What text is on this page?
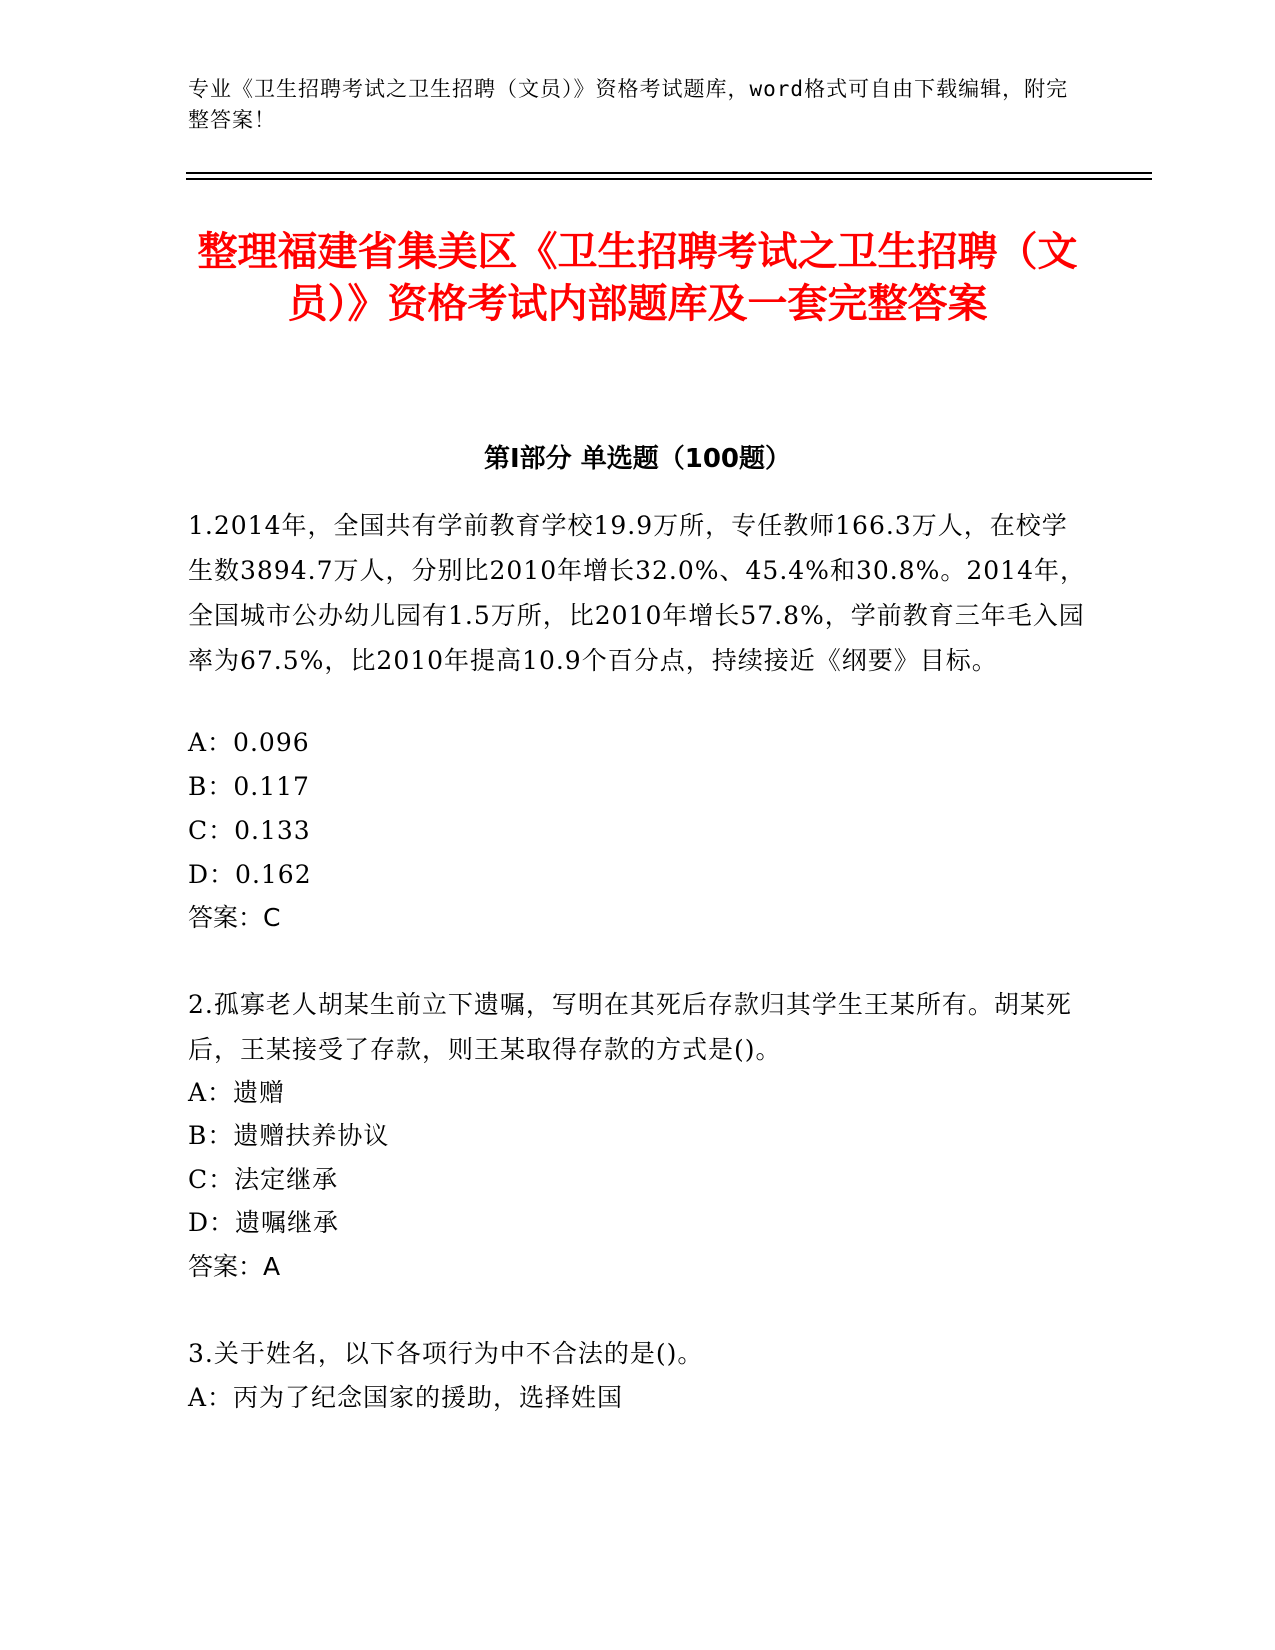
专业《卫生招聘考试之卫生招聘（文员）》资格考试题库，word格式可自由下载编辑，附完整答案！
整理福建省集美区《卫生招聘考试之卫生招聘（文员）》资格考试内部题库及一套完整答案
第Ⅰ部分 单选题（100题）
1.2014年，全国共有学前教育学校19.9万所，专任教师166.3万人，在校学生数3894.7万人，分别比2010年增长32.0%、45.4%和30.8%。2014年，全国城市公办幼儿园有1.5万所，比2010年增长57.8%，学前教育三年毛入园率为67.5%，比2010年提高10.9个百分点，持续接近《纲要》目标。
A：0.096
B：0.117
C：0.133
D：0.162
答案：C
2.孤寡老人胡某生前立下遗嘱，写明在其死后存款归其学生王某所有。胡某死后，王某接受了存款，则王某取得存款的方式是()。
A：遗赠
B：遗赠扶养协议
C：法定继承
D：遗嘱继承
答案：A
3.关于姓名，以下各项行为中不合法的是()。
A：丙为了纪念国家的援助，选择姓国
